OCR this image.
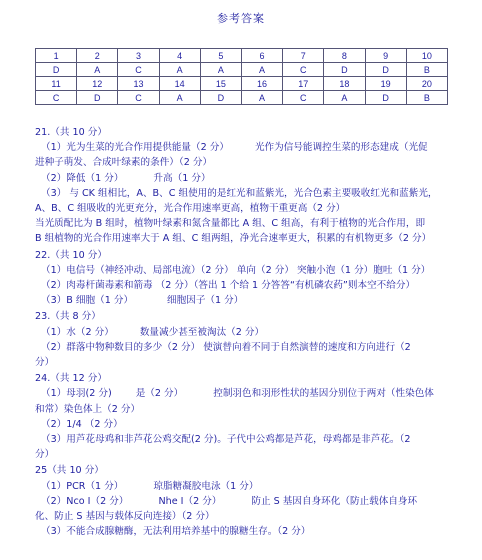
参考答案
1	2	3	4	5	6	7	8	9	10
D	A	C	A	A	A	C	D	D	B
11	12	13	14	15	16	17	18	19	20
C	D	C	A	D	A	C	A	D	B
21.（共 10 分）
（1）光为生菜的光合作用提供能量（2 分）	光作为信号能调控生菜的形态建成（光促
进种子萌发、合成叶绿素的条件）（2 分）
（2）降低（1 分）	升高（1 分）
（3） 与 CK 组相比，A、B、C 组使用的是红光和蓝紫光，光合色素主要吸收红光和蓝紫光，
A、B、C 组吸收的光更充分，光合作用速率更高，植物干重更高（2 分）
当光质配比为 B 组时，植物叶绿素和氮含量都比 A 组、C 组高，有利于植物的光合作用，即
B 组植物的光合作用速率大于 A 组、C 组两组，净光合速率更大，积累的有机物更多（2 分）
22.（共 10 分）
（1）电信号（神经冲动、局部电流）（2 分） 单向（2 分） 突触小泡（1 分）胞吐（1 分）
（2）肉毒杆菌毒素和箭毒 （2 分）（答出 1 个给 1 分答答“有机磷农药”则本空不给分）
（3）B 细胞（1 分）	细胞因子（1 分）
23.（共 8 分）
（1）水（2 分）	数量减少甚至被淘汰（2 分）
（2）群落中物种数目的多少（2 分） 使演替向着不同于自然演替的速度和方向进行（2
分）
24.（共 12 分）
（1）母羽(2 分)	是（2 分）	控制羽色和羽形性状的基因分别位于两对（性染色体
和常）染色体上（2 分）
（2）1/4 （2 分）
（3）用芦花母鸡和非芦花公鸡交配(2 分)。子代中公鸡都是芦花，母鸡都是非芦花。（2
分）
25（共 10 分）
（1）PCR（1 分）	琼脂糖凝胶电泳（1 分）
（2）Nco Ⅰ（2 分）	Nhe Ⅰ（2 分）	防止 S 基因自身环化（防止载体自身环
化、防止 S 基因与载体反向连接）（2 分）
（3）不能合成腺糖酶，无法利用培养基中的腺糖生存。（2 分）
